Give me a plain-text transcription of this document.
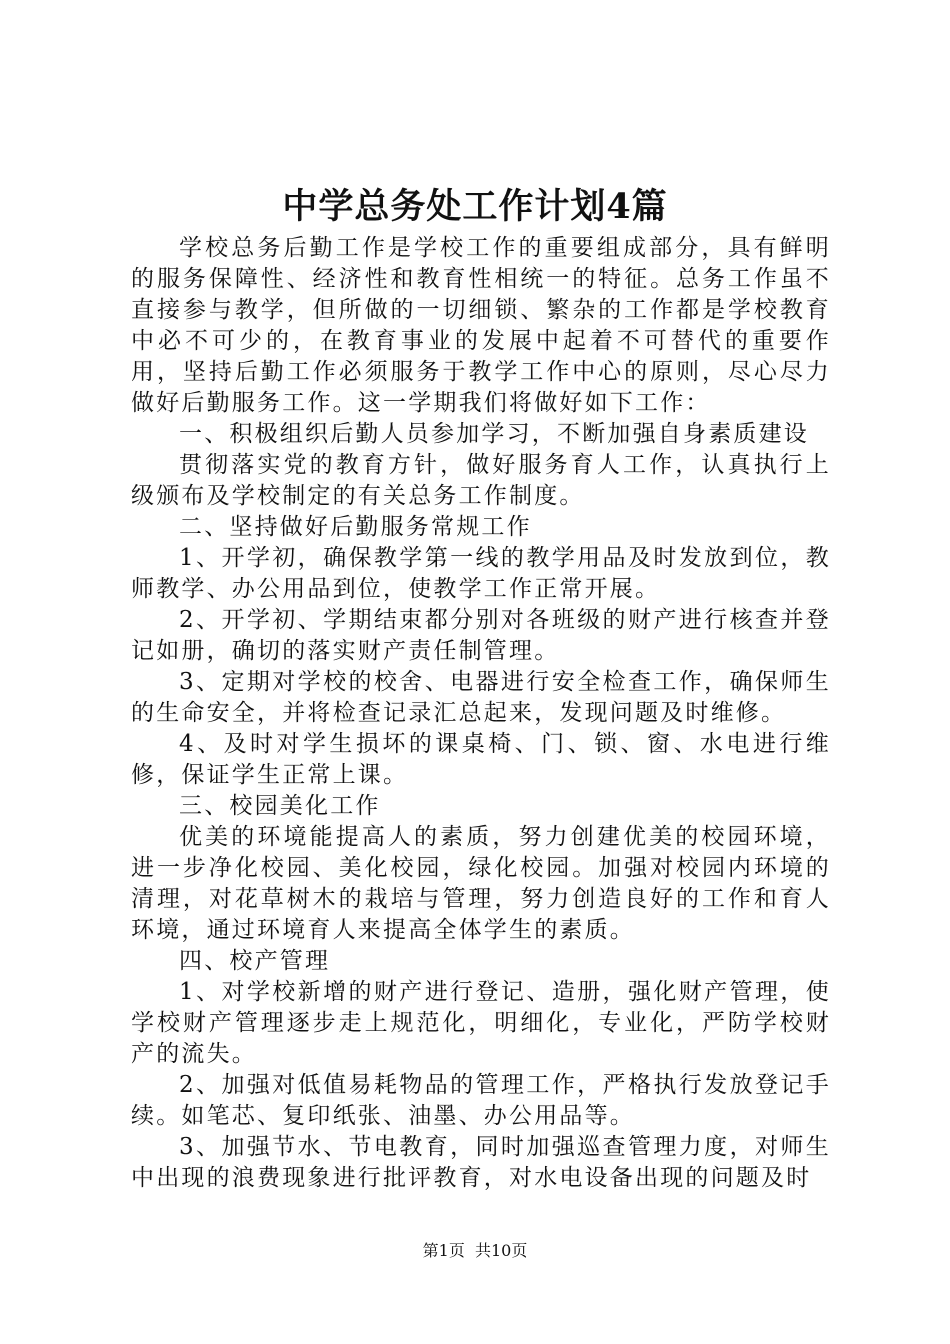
中学总务处工作计划4篇

学校总务后勤工作是学校工作的重要组成部分，具有鲜明的服务保障性、经济性和教育性相统一的特征。总务工作虽不直接参与教学，但所做的一切细锁、繁杂的工作都是学校教育中必不可少的，在教育事业的发展中起着不可替代的重要作用，坚持后勤工作必须服务于教学工作中心的原则，尽心尽力做好后勤服务工作。这一学期我们将做好如下工作：

一、积极组织后勤人员参加学习，不断加强自身素质建设

贯彻落实党的教育方针，做好服务育人工作，认真执行上级颁布及学校制定的有关总务工作制度。

二、坚持做好后勤服务常规工作

1、开学初，确保教学第一线的教学用品及时发放到位，教师教学、办公用品到位，使教学工作正常开展。

2、开学初、学期结束都分别对各班级的财产进行核查并登记如册，确切的落实财产责任制管理。

3、定期对学校的校舍、电器进行安全检查工作，确保师生的生命安全，并将检查记录汇总起来，发现问题及时维修。

4、及时对学生损坏的课桌椅、门、锁、窗、水电进行维修，保证学生正常上课。

三、校园美化工作

优美的环境能提高人的素质，努力创建优美的校园环境，进一步净化校园、美化校园，绿化校园。加强对校园内环境的清理，对花草树木的栽培与管理，努力创造良好的工作和育人环境，通过环境育人来提高全体学生的素质。

四、校产管理

1、对学校新增的财产进行登记、造册，强化财产管理，使学校财产管理逐步走上规范化，明细化，专业化，严防学校财产的流失。

2、加强对低值易耗物品的管理工作，严格执行发放登记手续。如笔芯、复印纸张、油墨、办公用品等。

3、加强节水、节电教育，同时加强巡查管理力度，对师生中出现的浪费现象进行批评教育，对水电设备出现的问题及时

第1页  共10页
